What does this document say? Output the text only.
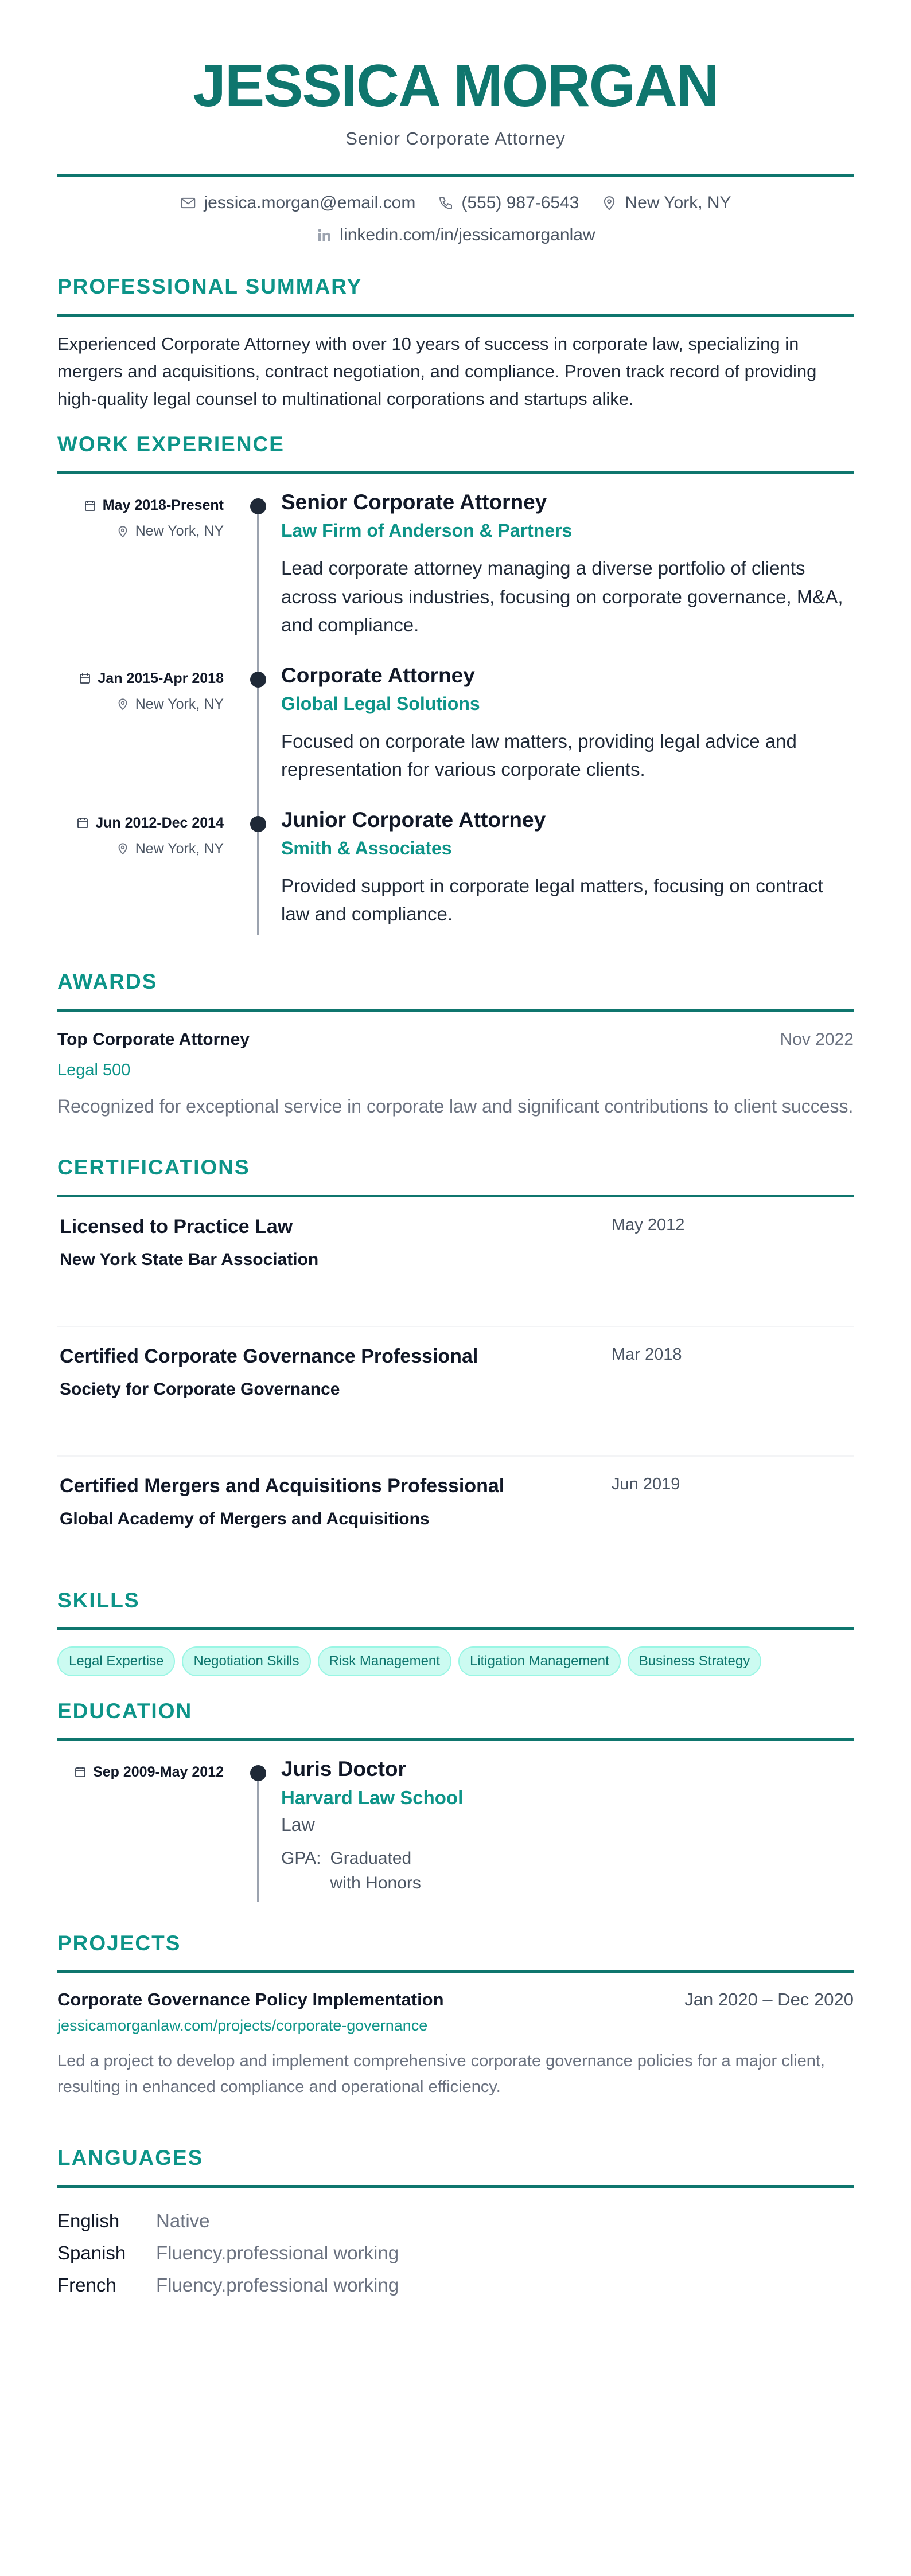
JESSICA MORGAN
Senior Corporate Attorney
jessica.morgan@email.com	(555) 987-6543	New York, NY
linkedin.com/in/jessicamorganlaw
PROFESSIONAL SUMMARY
Experienced Corporate Attorney with over 10 years of success in corporate law, specializing in mergers and acquisitions, contract negotiation, and compliance. Proven track record of providing high-quality legal counsel to multinational corporations and startups alike.
WORK EXPERIENCE
May 2018-Present
New York, NY
Senior Corporate Attorney
Law Firm of Anderson & Partners
Lead corporate attorney managing a diverse portfolio of clients across various industries, focusing on corporate governance, M&A, and compliance.
Jan 2015-Apr 2018
New York, NY
Corporate Attorney
Global Legal Solutions
Focused on corporate law matters, providing legal advice and representation for various corporate clients.
Jun 2012-Dec 2014
New York, NY
Junior Corporate Attorney
Smith & Associates
Provided support in corporate legal matters, focusing on contract law and compliance.
AWARDS
Top Corporate Attorney	Nov 2022
Legal 500
Recognized for exceptional service in corporate law and significant contributions to client success.
CERTIFICATIONS
Licensed to Practice Law
New York State Bar Association
May 2012
Certified Corporate Governance Professional
Society for Corporate Governance
Mar 2018
Certified Mergers and Acquisitions Professional
Global Academy of Mergers and Acquisitions
Jun 2019
SKILLS
Legal Expertise	Negotiation Skills	Risk Management	Litigation Management	Business Strategy
EDUCATION
Sep 2009-May 2012	Juris Doctor
Harvard Law School
Law
GPA: Graduated with Honors
PROJECTS
Corporate Governance Policy Implementation	Jan 2020 – Dec 2020
jessicamorganlaw.com/projects/corporate-governance
Led a project to develop and implement comprehensive corporate governance policies for a major client, resulting in enhanced compliance and operational efficiency.
LANGUAGES
English	Native
Spanish	Fluency.professional working
French	Fluency.professional working
